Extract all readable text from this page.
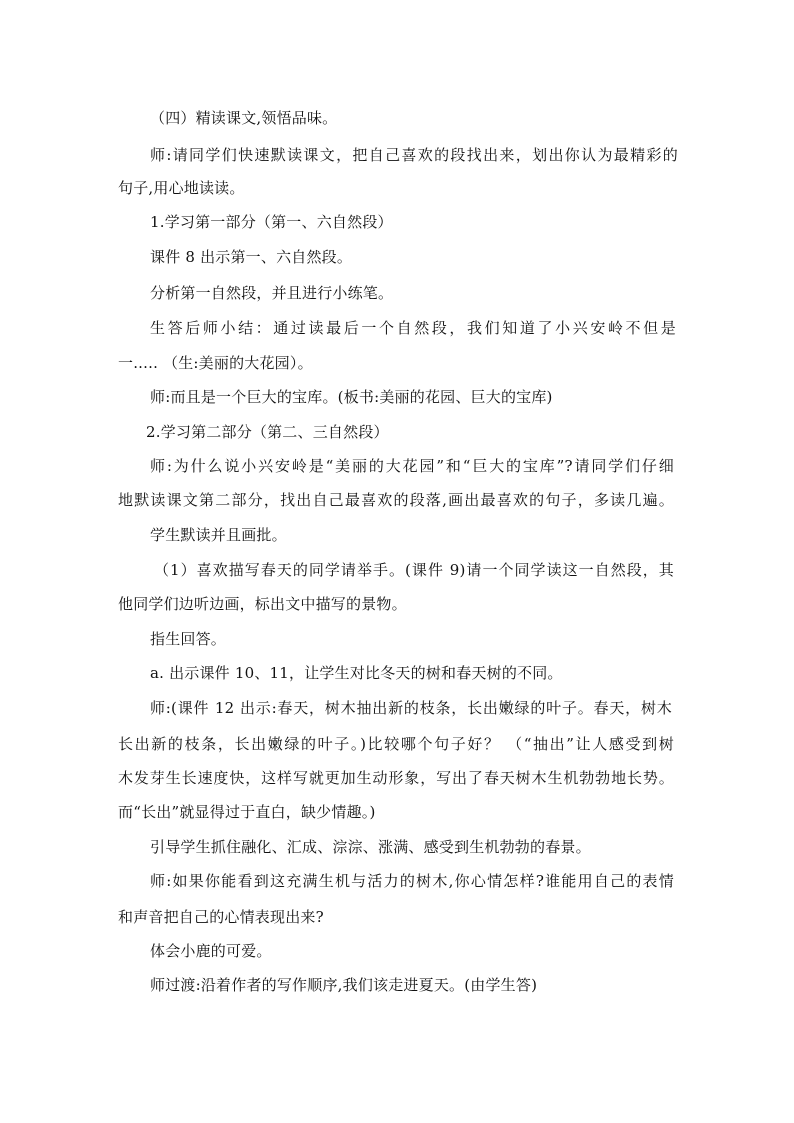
（四）精读课文,领悟品味。
师:请同学们快速默读课文，把自己喜欢的段找出来，划出你认为最精彩的
句子,用心地读读。
1.学习第一部分（第一、六自然段）
课件 8 出示第一、六自然段。
分析第一自然段，并且进行小练笔。
生答后师小结：通过读最后一个自然段，我们知道了小兴安岭不但是
一..... （生:美丽的大花园）。
师:而且是一个巨大的宝库。(板书:美丽的花园、巨大的宝库)
2.学习第二部分（第二、三自然段）
师:为什么说小兴安岭是“美丽的大花园”和“巨大的宝库”?请同学们仔细
地默读课文第二部分，找出自己最喜欢的段落,画出最喜欢的句子，多读几遍。
学生默读并且画批。
（1）喜欢描写春天的同学请举手。(课件 9)请一个同学读这一自然段，其
他同学们边听边画，标出文中描写的景物。
指生回答。
a. 出示课件 10、11，让学生对比冬天的树和春天树的不同。
师:(课件 12 出示:春天，树木抽出新的枝条，长出嫩绿的叶子。春天，树木
长出新的枝条，长出嫩绿的叶子。)比较哪个句子好？ （“抽出”让人感受到树
木发芽生长速度快，这样写就更加生动形象，写出了春天树木生机勃勃地长势。
而“长出”就显得过于直白，缺少情趣。)
引导学生抓住融化、汇成、淙淙、涨满、感受到生机勃勃的春景。
师:如果你能看到这充满生机与活力的树木,你心情怎样?谁能用自己的表情
和声音把自己的心情表现出来?
体会小鹿的可爱。
师过渡:沿着作者的写作顺序,我们该走进夏天。(由学生答)
